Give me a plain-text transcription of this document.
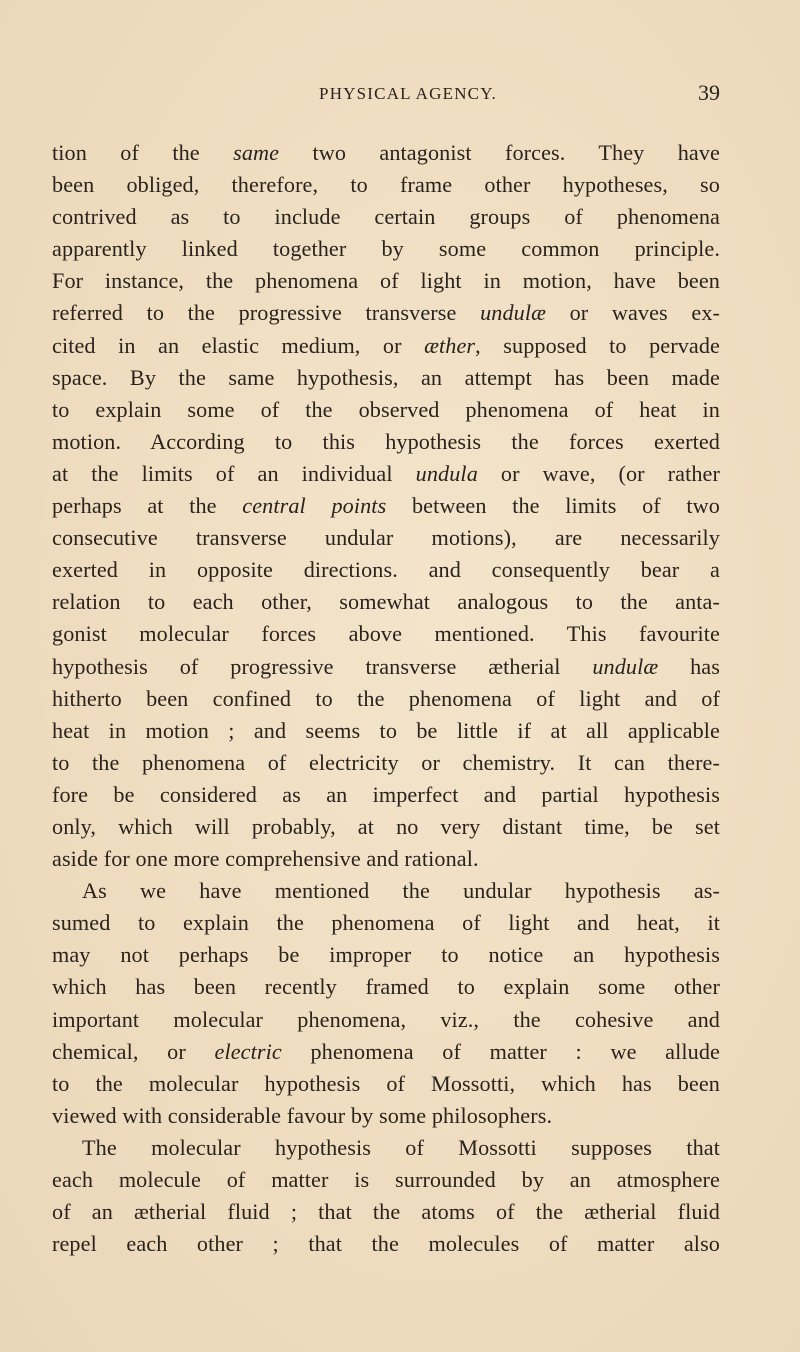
PHYSICAL AGENCY.	39
tion of the same two antagonist forces. They have
been obliged, therefore, to frame other hypotheses, so
contrived as to include certain groups of phenomena
apparently linked together by some common principle.
For instance, the phenomena of light in motion, have been
referred to the progressive transverse undulæ or waves ex-
cited in an elastic medium, or æther, supposed to pervade
space. By the same hypothesis, an attempt has been made
to explain some of the observed phenomena of heat in
motion. According to this hypothesis the forces exerted
at the limits of an individual undula or wave, (or rather
perhaps at the central points between the limits of two
consecutive transverse undular motions), are necessarily
exerted in opposite directions. and consequently bear a
relation to each other, somewhat analogous to the anta-
gonist molecular forces above mentioned. This favourite
hypothesis of progressive transverse ætherial undulæ has
hitherto been confined to the phenomena of light and of
heat in motion ; and seems to be little if at all applicable
to the phenomena of electricity or chemistry. It can there-
fore be considered as an imperfect and partial hypothesis
only, which will probably, at no very distant time, be set
aside for one more comprehensive and rational.
As we have mentioned the undular hypothesis as-
sumed to explain the phenomena of light and heat, it
may not perhaps be improper to notice an hypothesis
which has been recently framed to explain some other
important molecular phenomena, viz., the cohesive and
chemical, or electric phenomena of matter : we allude
to the molecular hypothesis of Mossotti, which has been
viewed with considerable favour by some philosophers.
The molecular hypothesis of Mossotti supposes that
each molecule of matter is surrounded by an atmosphere
of an ætherial fluid ; that the atoms of the ætherial fluid
repel each other ; that the molecules of matter also
